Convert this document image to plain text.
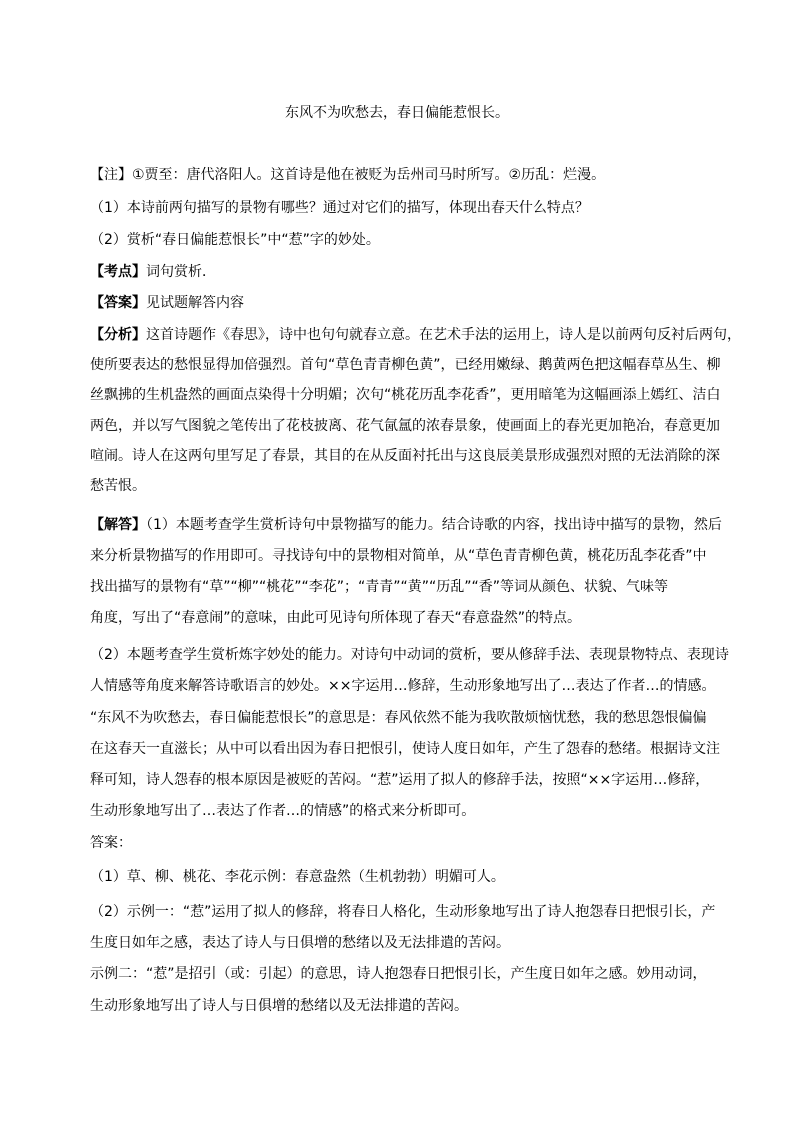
东风不为吹愁去，春日偏能惹恨长。
【注】①贾至：唐代洛阳人。这首诗是他在被贬为岳州司马时所写。②历乱：烂漫。
（1）本诗前两句描写的景物有哪些？通过对它们的描写，体现出春天什么特点？
（2）赏析“春日偏能惹恨长”中“惹”字的妙处。
【考点】词句赏析．
【答案】见试题解答内容
【分析】这首诗题作《春思》，诗中也句句就春立意。在艺术手法的运用上，诗人是以前两句反衬后两句，
使所要表达的愁恨显得加倍强烈。首句“草色青青柳色黄”，已经用嫩绿、鹅黄两色把这幅春草丛生、柳
丝飘拂的生机盎然的画面点染得十分明媚；次句“桃花历乱李花香”，更用暗笔为这幅画添上嫣红、洁白
两色，并以写气图貌之笔传出了花枝披离、花气氤氲的浓春景象，使画面上的春光更加艳冶，春意更加
喧闹。诗人在这两句里写足了春景，其目的在从反面衬托出与这良辰美景形成强烈对照的无法消除的深
愁苦恨。
【解答】（1）本题考查学生赏析诗句中景物描写的能力。结合诗歌的内容，找出诗中描写的景物，然后
来分析景物描写的作用即可。寻找诗句中的景物相对简单，从“草色青青柳色黄，桃花历乱李花香”中
找出描写的景物有“草”“柳”“桃花”“李花”；“青青”“黄”“历乱”“香”等词从颜色、状貌、气味等
角度，写出了“春意闹”的意味，由此可见诗句所体现了春天“春意盎然”的特点。
（2）本题考查学生赏析炼字妙处的能力。对诗句中动词的赏析，要从修辞手法、表现景物特点、表现诗
人情感等角度来解答诗歌语言的妙处。××字运用…修辞，生动形象地写出了…表达了作者…的情感。
“东风不为吹愁去，春日偏能惹恨长”的意思是：春风依然不能为我吹散烦恼忧愁，我的愁思怨恨偏偏
在这春天一直滋长；从中可以看出因为春日把恨引，使诗人度日如年，产生了怨春的愁绪。根据诗文注
释可知，诗人怨春的根本原因是被贬的苦闷。“惹”运用了拟人的修辞手法，按照“××字运用…修辞，
生动形象地写出了…表达了作者…的情感”的格式来分析即可。
答案：
（1）草、柳、桃花、李花示例：春意盎然（生机勃勃）明媚可人。
（2）示例一：“惹”运用了拟人的修辞，将春日人格化，生动形象地写出了诗人抱怨春日把恨引长，产
生度日如年之感，表达了诗人与日俱增的愁绪以及无法排遣的苦闷。
示例二：“惹”是招引（或：引起）的意思，诗人抱怨春日把恨引长，产生度日如年之感。妙用动词，
生动形象地写出了诗人与日俱增的愁绪以及无法排遣的苦闷。
